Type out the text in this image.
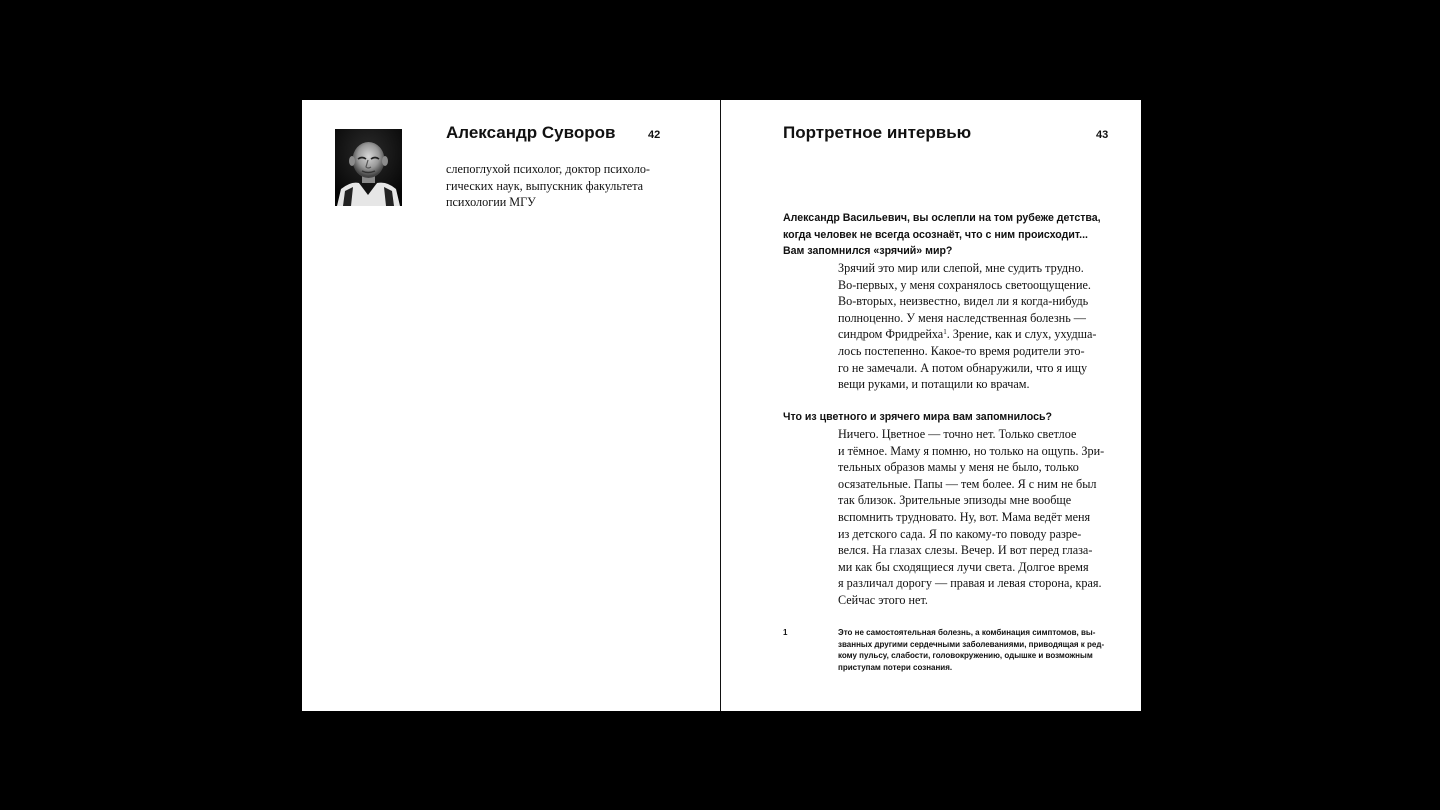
Александр Суворов	42
слепоглухой психолог, доктор психоло-
гических наук, выпускник факультета
психологии МГУ
Портретное интервью	43
Александр Васильевич, вы ослепли на том рубеже детства,
когда человек не всегда осознаёт, что с ним происходит...
Вам запомнился «зрячий» мир?
Зрячий это мир или слепой, мне судить трудно.
Во-первых, у меня сохранялось светоощущение.
Во-вторых, неизвестно, видел ли я когда-нибудь
полноценно. У меня наследственная болезнь —
синдром Фридрейха$^1$. Зрение, как и слух, ухудша-
лось постепенно. Какое-то время родители это-
го не замечали. А потом обнаружили, что я ищу
вещи руками, и потащили ко врачам.
Что из цветного и зрячего мира вам запомнилось?
Ничего. Цветное — точно нет. Только светлое
и тёмное. Маму я помню, но только на ощупь. Зри-
тельных образов мамы у меня не было, только
осязательные. Папы — тем более. Я с ним не был
так близок. Зрительные эпизоды мне вообще
вспомнить трудновато. Ну, вот. Мама ведёт меня
из детского сада. Я по какому-то поводу разре-
велся. На глазах слезы. Вечер. И вот перед глаза-
ми как бы сходящиеся лучи света. Долгое время
я различал дорогу — правая и левая сторона, края.
Сейчас этого нет.
1	Это не самостоятельная болезнь, а комбинация симптомов, вы-
званных другими сердечными заболеваниями, приводящая к ред-
кому пульсу, слабости, головокружению, одышке и возможным
приступам потери сознания.
